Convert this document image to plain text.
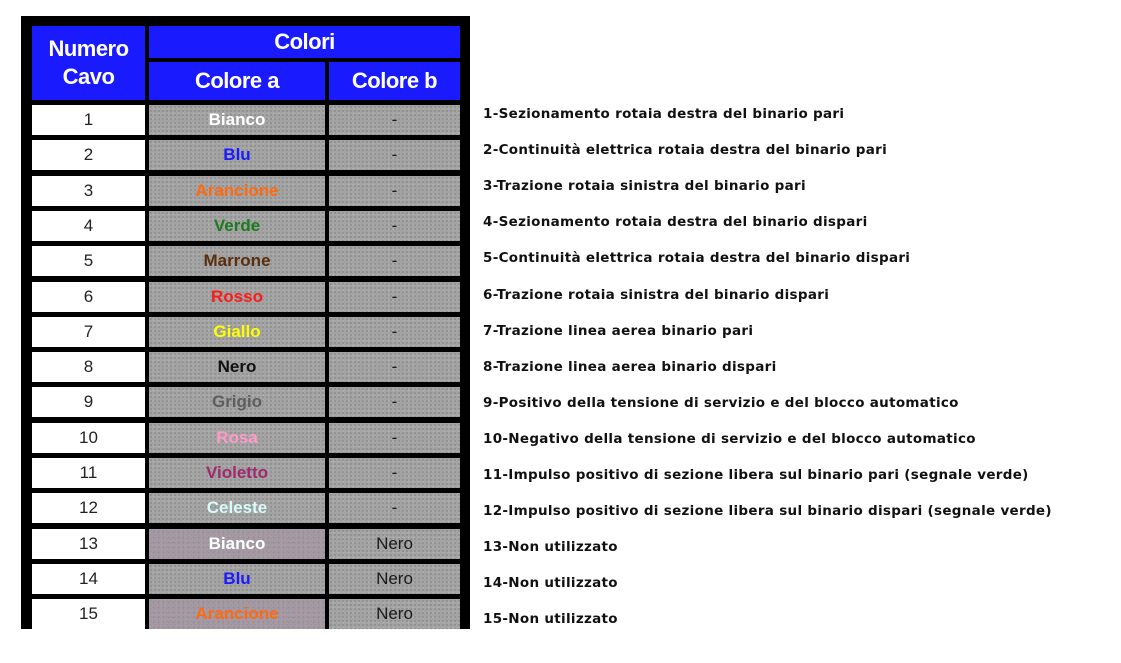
Numero
Cavo
Colori
Colore a	Colore b
1	Bianco	-
2	Blu	-
3	Arancione	-
4	Verde	-
5	Marrone	-
6	Rosso	-
7	Giallo	-
8	Nero	-
9	Grigio	-
10	Rosa	-
11	Violetto	-
12	Celeste	-
13	Bianco	Nero
14	Blu	Nero
15	Arancione	Nero
1-Sezionamento rotaia destra del binario pari
2-Continuità elettrica rotaia destra del binario pari
3-Trazione rotaia sinistra del binario pari
4-Sezionamento rotaia destra del binario dispari
5-Continuità elettrica rotaia destra del binario dispari
6-Trazione rotaia sinistra del binario dispari
7-Trazione linea aerea binario pari
8-Trazione linea aerea binario dispari
9-Positivo della tensione di servizio e del blocco automatico
10-Negativo della tensione di servizio e del blocco automatico
11-Impulso positivo di sezione libera sul binario pari (segnale verde)
12-Impulso positivo di sezione libera sul binario dispari (segnale verde)
13-Non utilizzato
14-Non utilizzato
15-Non utilizzato
